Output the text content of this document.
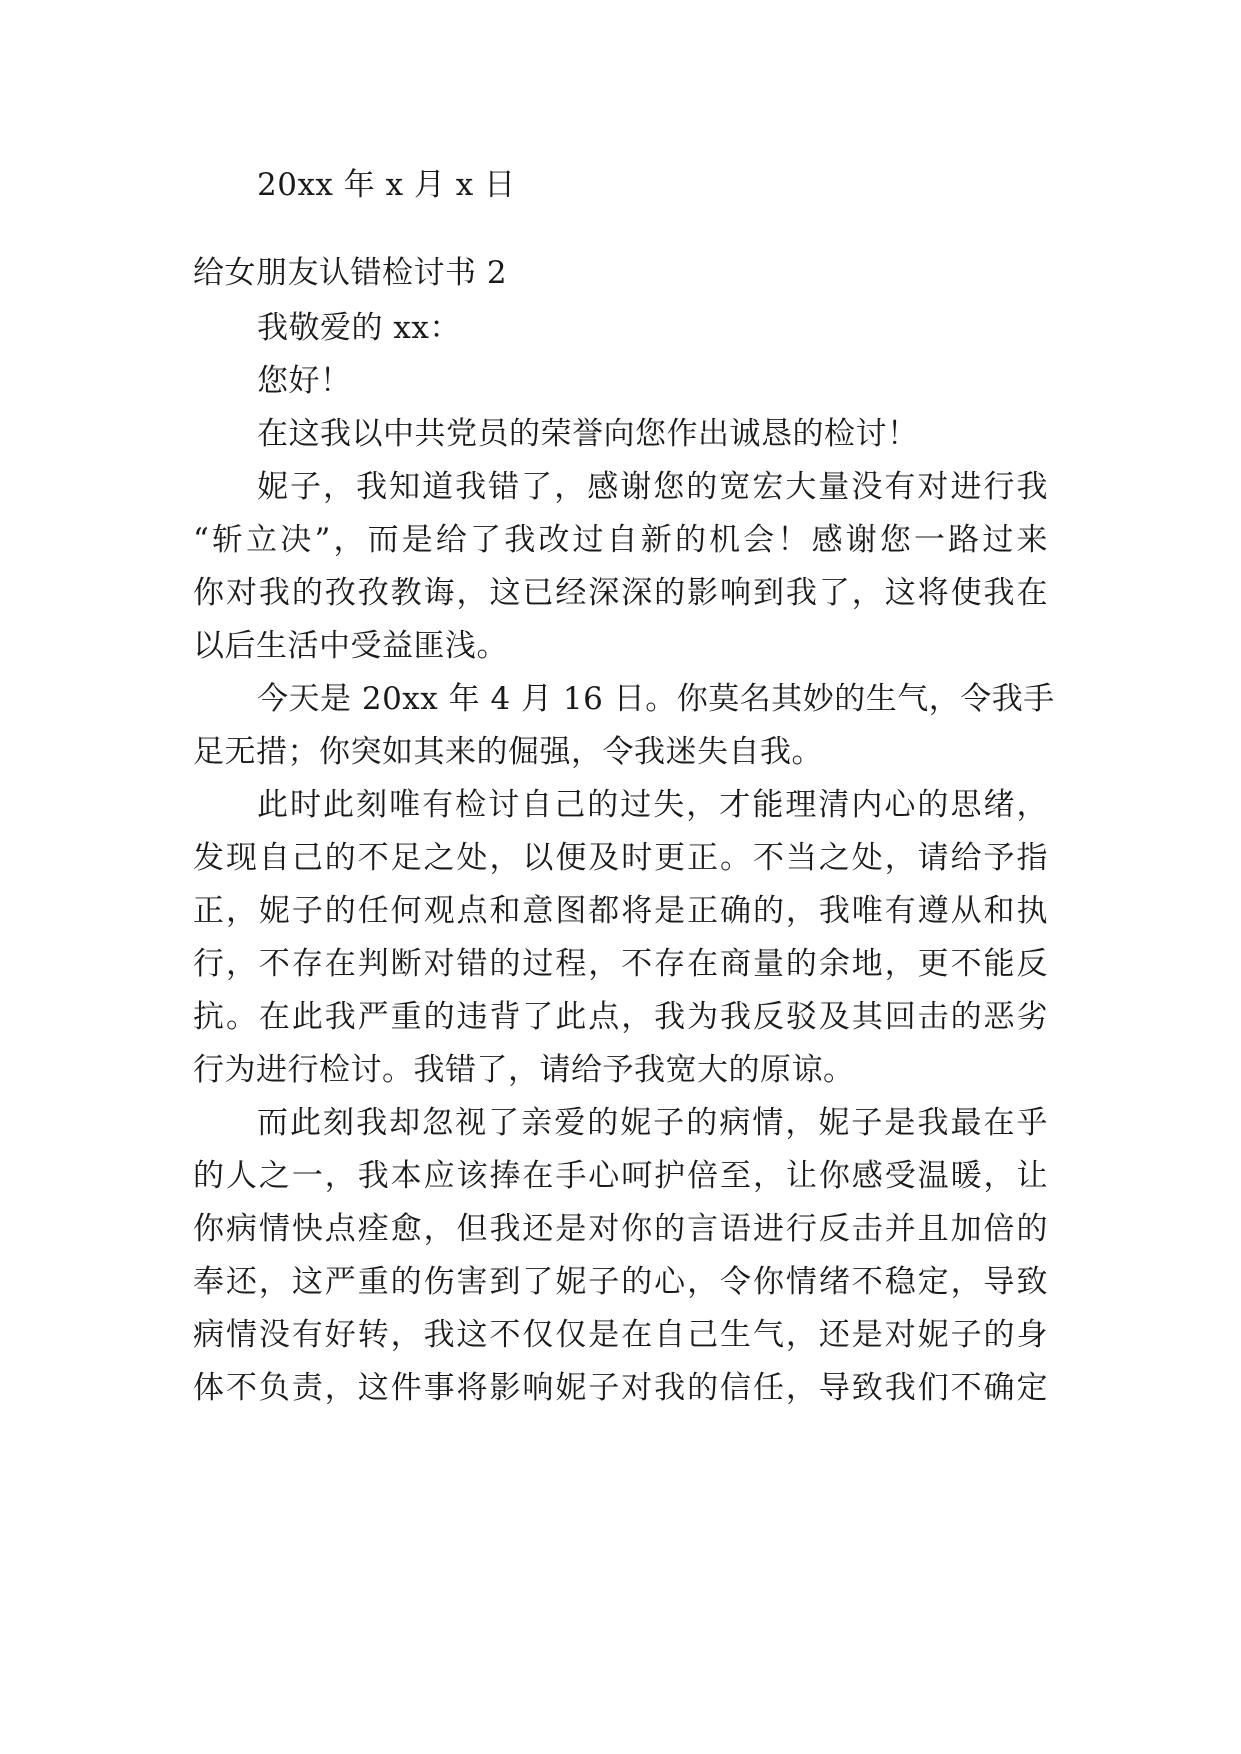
20xx 年 x 月 x 日
给女朋友认错检讨书 2
我敬爱的 xx：
您好！
在这我以中共党员的荣誉向您作出诚恳的检讨！
妮子，我知道我错了，感谢您的宽宏大量没有对进行我
“斩立决”，而是给了我改过自新的机会！感谢您一路过来
你对我的孜孜教诲，这已经深深的影响到我了，这将使我在
以后生活中受益匪浅。
今天是 20xx 年 4 月 16 日。你莫名其妙的生气，令我手
足无措；你突如其来的倔强，令我迷失自我。
此时此刻唯有检讨自己的过失，才能理清内心的思绪，
发现自己的不足之处，以便及时更正。不当之处，请给予指
正，妮子的任何观点和意图都将是正确的，我唯有遵从和执
行，不存在判断对错的过程，不存在商量的余地，更不能反
抗。在此我严重的违背了此点，我为我反驳及其回击的恶劣
行为进行检讨。我错了，请给予我宽大的原谅。
而此刻我却忽视了亲爱的妮子的病情，妮子是我最在乎
的人之一，我本应该捧在手心呵护倍至，让你感受温暖，让
你病情快点痊愈，但我还是对你的言语进行反击并且加倍的
奉还，这严重的伤害到了妮子的心，令你情绪不稳定，导致
病情没有好转，我这不仅仅是在自己生气，还是对妮子的身
体不负责，这件事将影响妮子对我的信任，导致我们不确定
